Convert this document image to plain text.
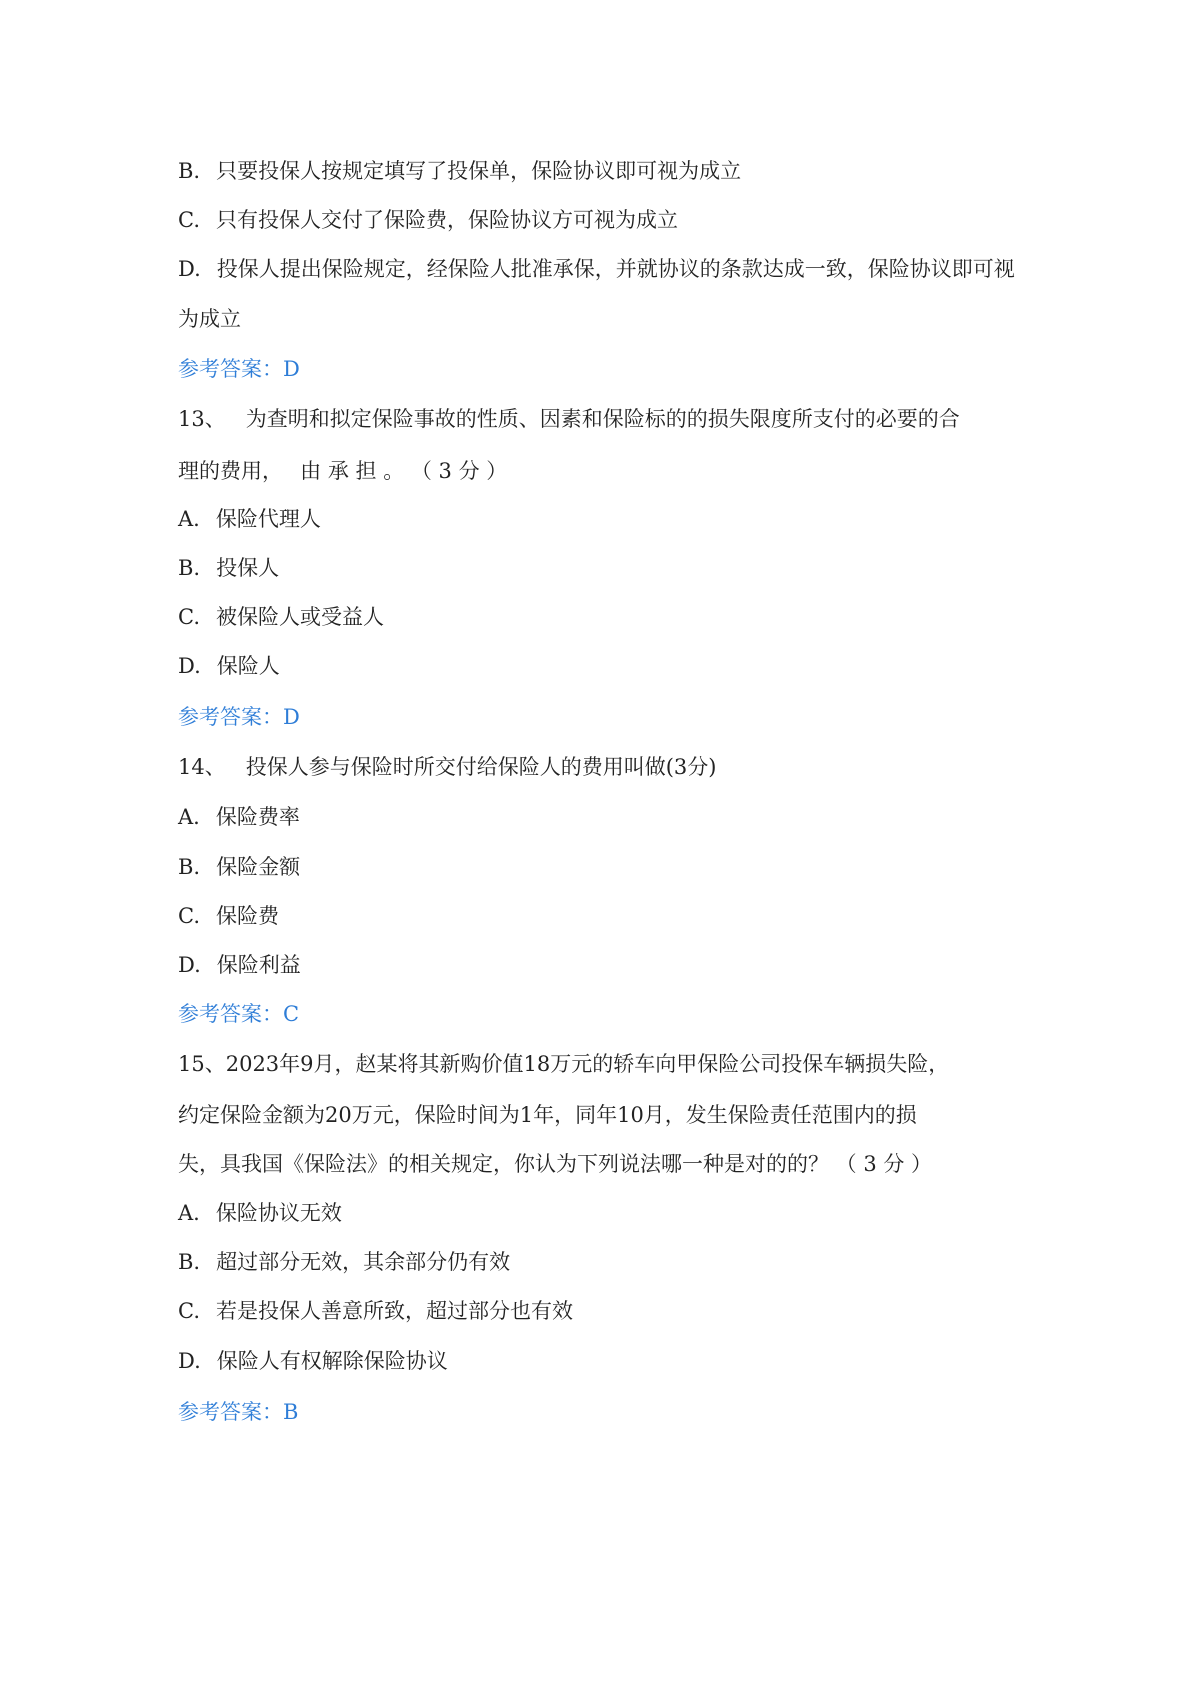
B. 只要投保人按规定填写了投保单，保险协议即可视为成立
C. 只有投保人交付了保险费，保险协议方可视为成立
D. 投保人提出保险规定，经保险人批准承保，并就协议的条款达成一致，保险协议即可视
为成立
参考答案：D
13、 为查明和拟定保险事故的性质、因素和保险标的的损失限度所支付的必要的合
理的费用，　 由 承 担 。 （ 3 分 ）
A. 保险代理人
B. 投保人
C. 被保险人或受益人
D. 保险人
参考答案：D
14、 投保人参与保险时所交付给保险人的费用叫做(3分)
A. 保险费率
B. 保险金额
C. 保险费
D. 保险利益
参考答案：C
15、2023年9月，赵某将其新购价值18万元的轿车向甲保险公司投保车辆损失险，
约定保险金额为20万元，保险时间为1年，同年10月，发生保险责任范围内的损
失，具我国《保险法》的相关规定，你认为下列说法哪一种是对的的？ （ 3 分 ）
A. 保险协议无效
B. 超过部分无效，其余部分仍有效
C. 若是投保人善意所致，超过部分也有效
D. 保险人有权解除保险协议
参考答案：B
